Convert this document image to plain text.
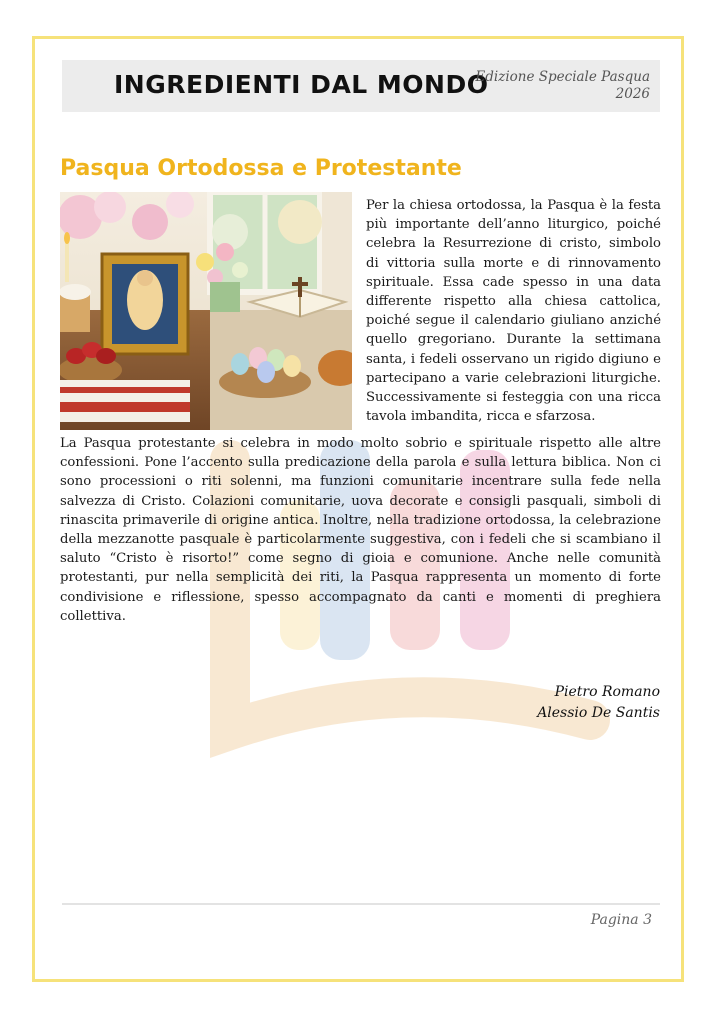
INGREDIENTI DAL MONDO
Edizione Speciale Pasqua
2026
Pasqua Ortodossa e Protestante

Per la chiesa ortodossa, la Pasqua è la festa più importante dell’anno liturgico, poiché celebra la Resurrezione di cristo, simbolo di vittoria sulla morte e di rinnovamento spirituale. Essa cade spesso in una data differente rispetto alla chiesa cattolica, poiché segue il calendario giuliano anziché quello gregoriano. Durante la settimana santa, i fedeli osservano un rigido digiuno e partecipano a varie celebrazioni liturgiche. Successivamente si festeggia con una ricca tavola imbandita, ricca e sfarzosa.

La Pasqua protestante si celebra in modo molto sobrio e spirituale rispetto alle altre confessioni. Pone l’accento sulla predicazione della parola e sulla lettura biblica. Non ci sono processioni o riti solenni, ma funzioni comunitarie incentrare sulla fede nella salvezza di Cristo. Colazioni comunitarie, uova decorate e consigli pasquali, simboli di rinascita primaverile di origine antica. Inoltre, nella tradizione ortodossa, la celebrazione della mezzanotte pasquale è particolarmente suggestiva, con i fedeli che si scambiano il saluto “Cristo è risorto!” come segno di gioia e comunione. Anche nelle comunità protestanti, pur nella semplicità dei riti, la Pasqua rappresenta un momento di forte condivisione e riflessione, spesso accompagnato da canti e momenti di preghiera collettiva.

Pietro Romano

Alessio De Santis

Pagina 3
